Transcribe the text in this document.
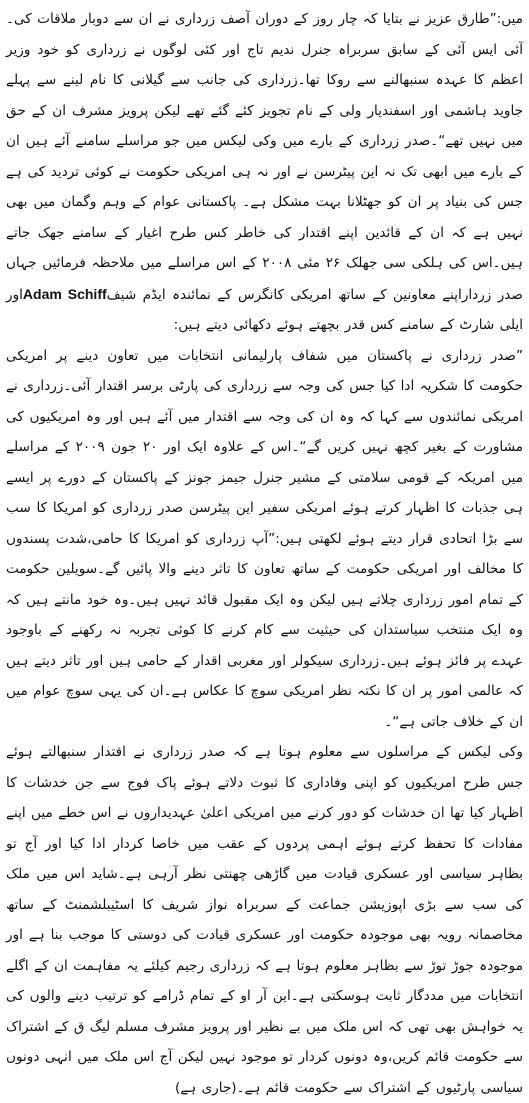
میں:”طارق عزیز نے بتایا کہ چار روز کے دوران آصف زرداری نے ان سے دوبار ملاقات کی۔آئی ایس آئی کے سابق سربراہ جنرل ندیم تاج اور کئی لوگوں نے زرداری کو خود وزیر اعظم کا عہدہ سنبھالنے سے روکا تھا۔زرداری کی جانب سے گیلانی کا نام لینے سے پہلے جاوید ہاشمی اور اسفندیار ولی کے نام تجویز کئے گئے تھے لیکن پرویز مشرف ان کے حق میں نہیں تھے“۔صدر زرداری کے بارے میں وکی لیکس میں جو مراسلے سامنے آئے ہیں ان کے بارے میں ابھی تک نہ این پیٹرسن نے اور نہ ہی امریکی حکومت نے کوئی تردید کی ہے جس کی بنیاد پر ان کو جھٹلانا بہت مشکل ہے۔ پاکستانی عوام کے وہم وگمان میں بھی نہیں ہے کہ ان کے قائدین اپنے اقتدار کی خاطر کس طرح اغیار کے سامنے جھک جاتے ہیں۔اس کی ہلکی سی جھلک ۲۶ مئی ۲۰۰۸ کے اس مراسلے میں ملاحظہ فرمائیں جہاں صدر زرداراپنے معاونین کے ساتھ امریکی کانگرس کے نمائندہ ایڈم شیفAdam Schiffاور ایلی شارٹ کے سامنے کس قدر بچھتے ہوئے دکھائی دیتے ہیں:

”صدر زرداری نے پاکستان میں شفاف پارلیمانی انتخابات میں تعاون دینے پر امریکی حکومت کا شکریہ ادا کیا جس کی وجہ سے زرداری کی پارٹی برسر اقتدار آئی۔زرداری نے امریکی نمائندوں سے کہا کہ وہ ان کی وجہ سے اقتدار میں آئے ہیں اور وہ امریکیوں کی مشاورت کے بغیر کچھ نہیں کریں گے“۔اس کے علاوہ ایک اور ۲۰ جون ۲۰۰۹ کے مراسلے میں امریکہ کے قومی سلامتی کے مشیر جنرل جیمز جونز کے پاکستان کے دورے پر ایسے ہی جذبات کا اظہار کرتے ہوئے امریکی سفیر این پیٹرسن صدر زرداری کو امریکا کا سب سے بڑا اتحادی قرار دیتے ہوئے لکھتی ہیں:”آپ زرداری کو امریکا کا حامی،شدت پسندوں کا مخالف اور امریکی حکومت کے ساتھ تعاون کا تاثر دینے والا پائیں گے۔سویلین حکومت کے تمام امور زرداری چلاتے ہیں لیکن وہ ایک مقبول قائد نہیں ہیں۔وہ خود مانتے ہیں کہ وہ ایک منتخب سیاستدان کی حیثیت سے کام کرنے کا کوئی تجربہ نہ رکھنے کے باوجود عہدے پر فائز ہوئے ہیں۔زرداری سیکولر اور مغربی اقدار کے حامی ہیں اور تاثر دیتے ہیں کہ عالمی امور پر ان کا نکتہ نظر امریکی سوچ کا عکاس ہے۔ان کی یہی سوچ عوام میں ان کے خلاف جاتی ہے“۔

وکی لیکس کے مراسلوں سے معلوم ہوتا ہے کہ صدر زرداری نے اقتدار سنبھالتے ہوئے جس طرح امریکیوں کو اپنی وفاداری کا ثبوت دلاتے ہوئے پاک فوج سے جن خدشات کا اظہار کیا تھا ان خدشات کو دور کرنے میں امریکی اعلیٰ عہدیداروں نے اس خطے میں اپنے مفادات کا تحفظ کرتے ہوئے اہمی پردوں کے عقب میں خاصا کردار ادا کیا اور آج تو بظاہر سیاسی اور عسکری قیادت میں گاڑھی چھنتی نظر آرہی ہے۔شاید اس میں ملک کی سب سے بڑی اپوزیشن جماعت کے سربراہ نواز شریف کا اسٹیبلشمنٹ کے ساتھ مخاصمانہ رویہ بھی موجودہ حکومت اور عسکری قیادت کی دوستی کا موجب بنا ہے اور موجودہ جوڑ توڑ سے بظاہر معلوم ہوتا ہے کہ زرداری رجیم کیلئے یہ مفاہمت ان کے اگلے انتخابات میں مددگار ثابت ہوسکتی ہے۔این آر او کے تمام ڈرامے کو ترتیب دینے والوں کی یہ خواہش بھی تھی کہ اس ملک میں بے نظیر اور پرویز مشرف مسلم لیگ ق کے اشتراک سے حکومت قائم کریں،وہ دونوں کردار تو موجود نہیں لیکن آج اس ملک میں انہی دونوں سیاسی پارٹیوں کے اشتراک سے حکومت قائم ہے۔(جاری ہے)
